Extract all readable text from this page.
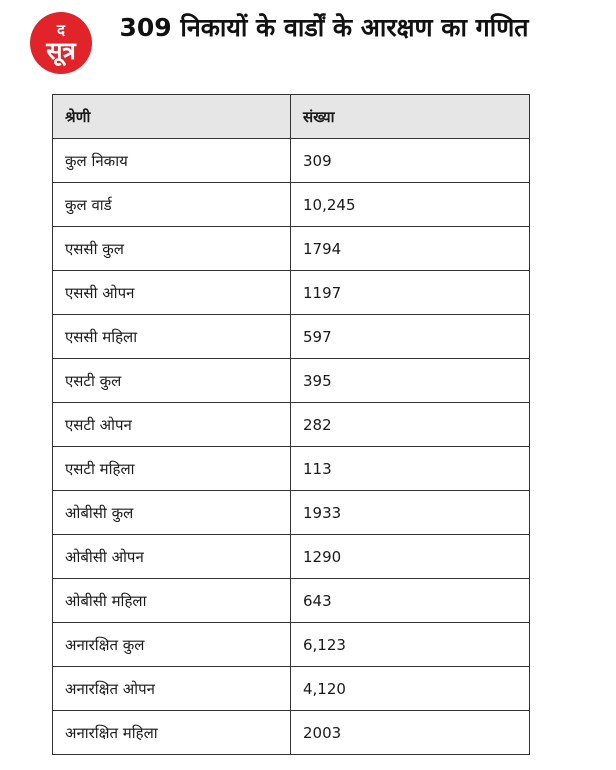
द
सूत्र
309 निकायों के वार्डों के आरक्षण का गणित
श्रेणी	संख्या
कुल निकाय	309
कुल वार्ड	10,245
एससी कुल	1794
एससी ओपन	1197
एससी महिला	597
एसटी कुल	395
एसटी ओपन	282
एसटी महिला	113
ओबीसी कुल	1933
ओबीसी ओपन	1290
ओबीसी महिला	643
अनारक्षित कुल	6,123
अनारक्षित ओपन	4,120
अनारक्षित महिला	2003
